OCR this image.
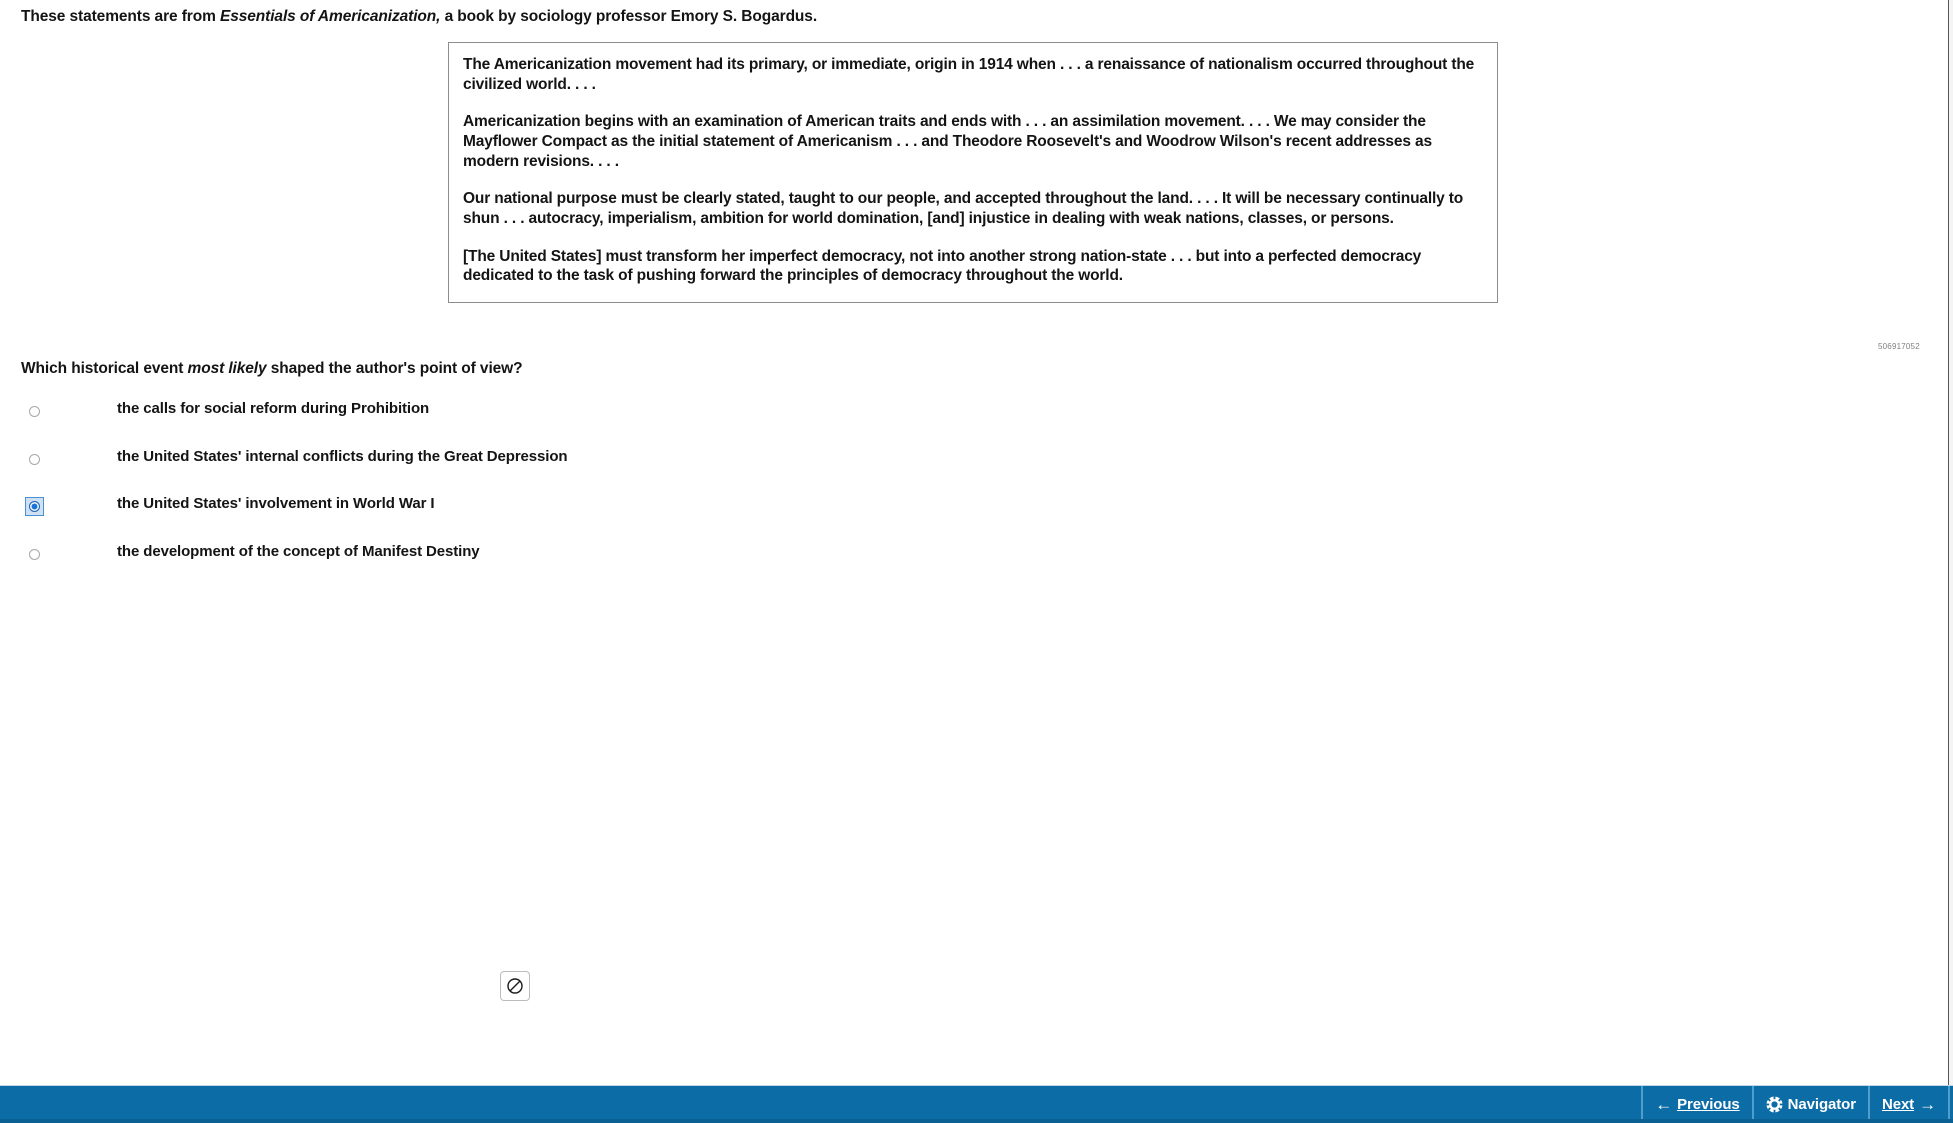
These statements are from Essentials of Americanization, a book by sociology professor Emory S. Bogardus.

The Americanization movement had its primary, or immediate, origin in 1914 when . . . a renaissance of nationalism occurred throughout the civilized world. . . .

Americanization begins with an examination of American traits and ends with . . . an assimilation movement. . . . We may consider the Mayflower Compact as the initial statement of Americanism . . . and Theodore Roosevelt's and Woodrow Wilson's recent addresses as modern revisions. . . .

Our national purpose must be clearly stated, taught to our people, and accepted throughout the land. . . . It will be necessary continually to shun . . . autocracy, imperialism, ambition for world domination, [and] injustice in dealing with weak nations, classes, or persons.

[The United States] must transform her imperfect democracy, not into another strong nation-state . . . but into a perfected democracy dedicated to the task of pushing forward the principles of democracy throughout the world.

506917052
Which historical event most likely shaped the author's point of view?
the calls for social reform during Prohibition
the United States' internal conflicts during the Great Depression
the United States' involvement in World War I
the development of the concept of Manifest Destiny
← Previous	Navigator Next →
